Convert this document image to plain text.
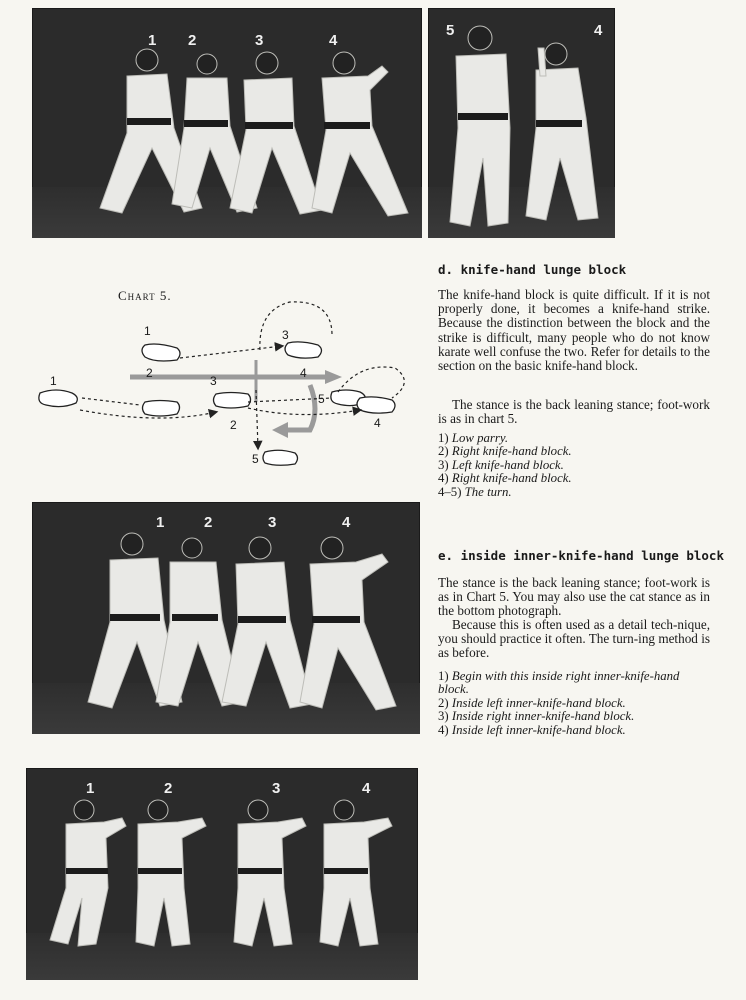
1 2	3	4
5	4
Chart 5.
1
2
3
4
1	3
2
5
4
5
d. knife-hand lunge block
The knife-hand block is quite difficult. If it is not properly done, it becomes a knife-hand strike. Because the distinction between the block and the strike is difficult, many people who do not know karate well confuse the two. Refer for details to the section on the basic knife-hand block.
The stance is the back leaning stance; foot-work is as in chart 5.
1) Low parry.
2) Right knife-hand block.
3) Left knife-hand block.
4) Right knife-hand block.
4–5) The turn.
1	2	3	4
e. inside inner-knife-hand lunge block
The stance is the back leaning stance; foot-work is as in Chart 5. You may also use the cat stance as in the bottom photograph.
Because this is often used as a detail tech-nique, you should practice it often. The turn-ing method is as before.
1) Begin with this inside right inner-knife-hand block.
2) Inside left inner-knife-hand block.
3) Inside right inner-knife-hand block.
4) Inside left inner-knife-hand block.
1	2	3	4
